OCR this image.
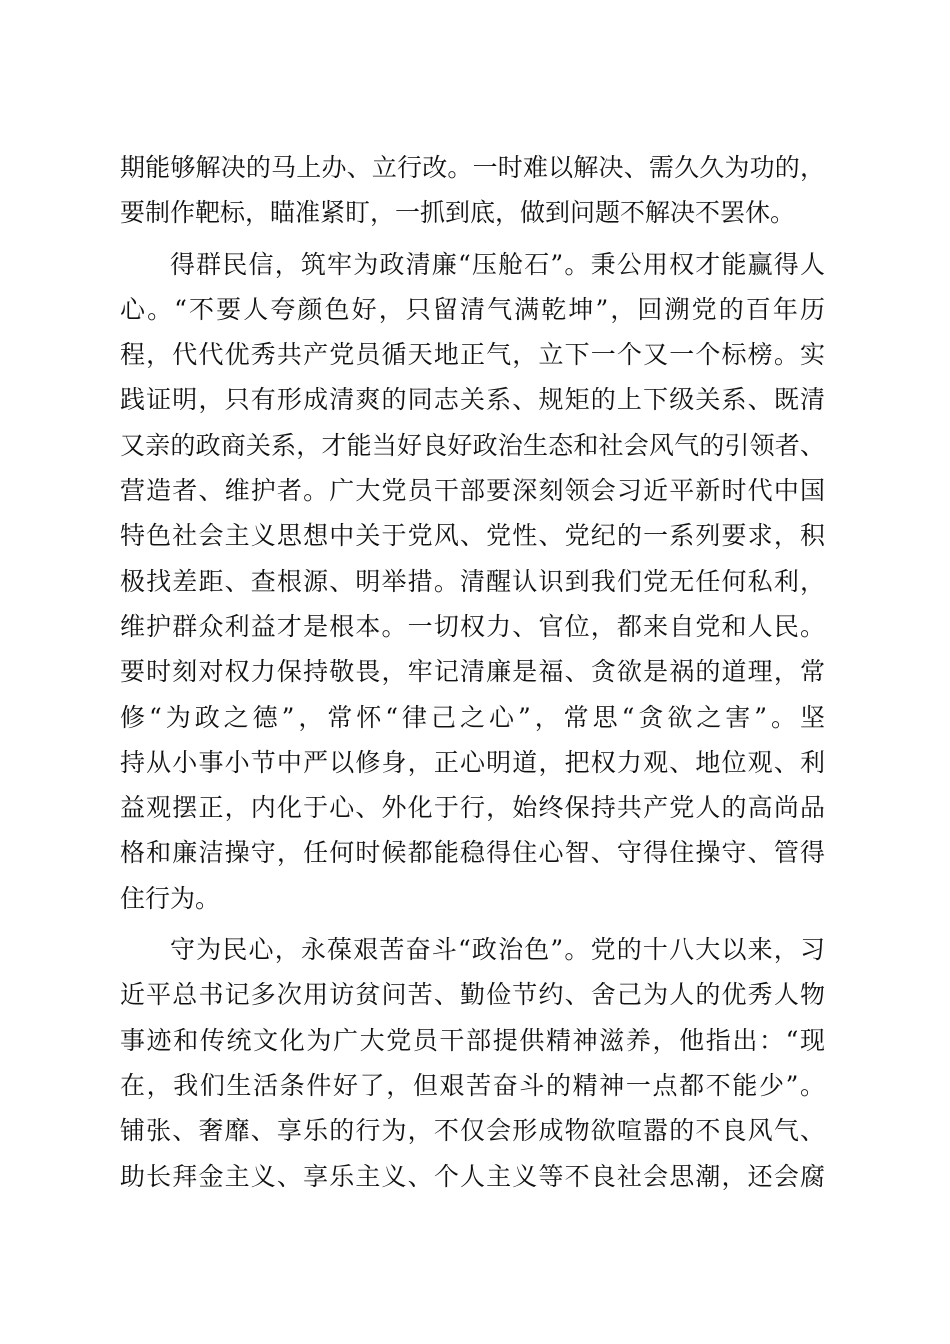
期能够解决的马上办、立行改。一时难以解决、需久久为功的，
要制作靶标，瞄准紧盯，一抓到底，做到问题不解决不罢休。
得群民信，筑牢为政清廉“压舱石”。秉公用权才能赢得人
心。“不要人夸颜色好，只留清气满乾坤”，回溯党的百年历
程，代代优秀共产党员循天地正气，立下一个又一个标榜。实
践证明，只有形成清爽的同志关系、规矩的上下级关系、既清
又亲的政商关系，才能当好良好政治生态和社会风气的引领者、
营造者、维护者。广大党员干部要深刻领会习近平新时代中国
特色社会主义思想中关于党风、党性、党纪的一系列要求，积
极找差距、查根源、明举措。清醒认识到我们党无任何私利，
维护群众利益才是根本。一切权力、官位，都来自党和人民。
要时刻对权力保持敬畏，牢记清廉是福、贪欲是祸的道理，常
修“为政之德”，常怀“律己之心”，常思“贪欲之害”。坚
持从小事小节中严以修身，正心明道，把权力观、地位观、利
益观摆正，内化于心、外化于行，始终保持共产党人的高尚品
格和廉洁操守，任何时候都能稳得住心智、守得住操守、管得
住行为。
守为民心，永葆艰苦奋斗“政治色”。党的十八大以来，习
近平总书记多次用访贫问苦、勤俭节约、舍己为人的优秀人物
事迹和传统文化为广大党员干部提供精神滋养，他指出：“现
在，我们生活条件好了，但艰苦奋斗的精神一点都不能少”。
铺张、奢靡、享乐的行为，不仅会形成物欲喧嚣的不良风气、
助长拜金主义、享乐主义、个人主义等不良社会思潮，还会腐
